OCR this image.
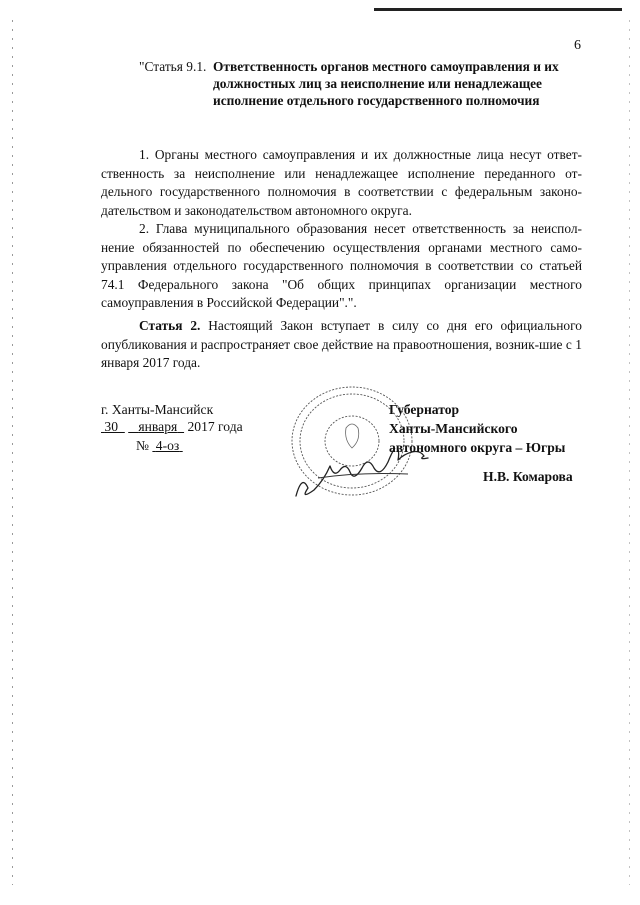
6
"Статья 9.1. Ответственность органов местного самоуправления и их должностных лиц за неисполнение или ненадлежащее исполнение отдельного государственного полномочия

1. Органы местного самоуправления и их должностные лица несут ответ-ственность за неисполнение или ненадлежащее исполнение переданного от-дельного государственного полномочия в соответствии с федеральным законо-дательством и законодательством автономного округа.

2. Глава муниципального образования несет ответственность за неиспол-нение обязанностей по обеспечению осуществления органами местного само-управления отдельного государственного полномочия в соответствии со статьей 74.1 Федерального закона "Об общих принципах организации местного самоуправления в Российской Федерации".".

Статья 2. Настоящий Закон вступает в силу со дня его официального опубликования и распространяет свое действие на правоотношения, возник-шие с 1 января 2017 года.

г. Ханты-Мансийск
30 января 2017 года
№ 4-оз
Губернатор
Ханты-Мансийского
автономного округа – Югры
Н.В. Комарова
